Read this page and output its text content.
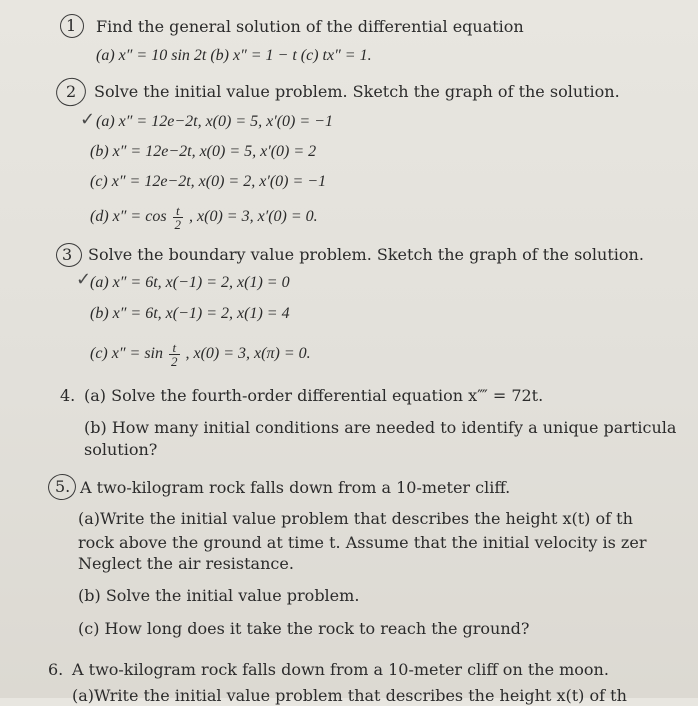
1 Find the general solution of the differential equation
(a) x″ = 10 sin 2t (b) x″ = 1 − t (c) tx″ = 1.
2 Solve the initial value problem. Sketch the graph of the solution.
✓ (a) x″ = 12e−2t, x(0) = 5, x′(0) = −1
(b) x″ = 12e−2t, x(0) = 5, x′(0) = 2
(c) x″ = 12e−2t, x(0) = 2, x′(0) = −1
(d) $x'' = \cos \frac{t}{2}$ , x(0) = 3, x′(0) = 0.
3 Solve the boundary value problem. Sketch the graph of the solution.
✓
(a) x″ = 6t, x(−1) = 2, x(1) = 0
(b) x″ = 6t, x(−1) = 2, x(1) = 4
(c) $x'' = \sin \frac{t}{2}$ , x(0) = 3, x(π) = 0.
4. (a) Solve the fourth-order differential equation x⁗ = 72t.
(b) How many initial conditions are needed to identify a unique particula
solution?
5. A two-kilogram rock falls down from a 10-meter cliff.
(a)Write the initial value problem that describes the height x(t) of th
rock above the ground at time t. Assume that the initial velocity is zer
Neglect the air resistance.
(b) Solve the initial value problem.
(c) How long does it take the rock to reach the ground?
6. A two-kilogram rock falls down from a 10-meter cliff on the moon.
(a)Write the initial value problem that describes the height x(t) of th
